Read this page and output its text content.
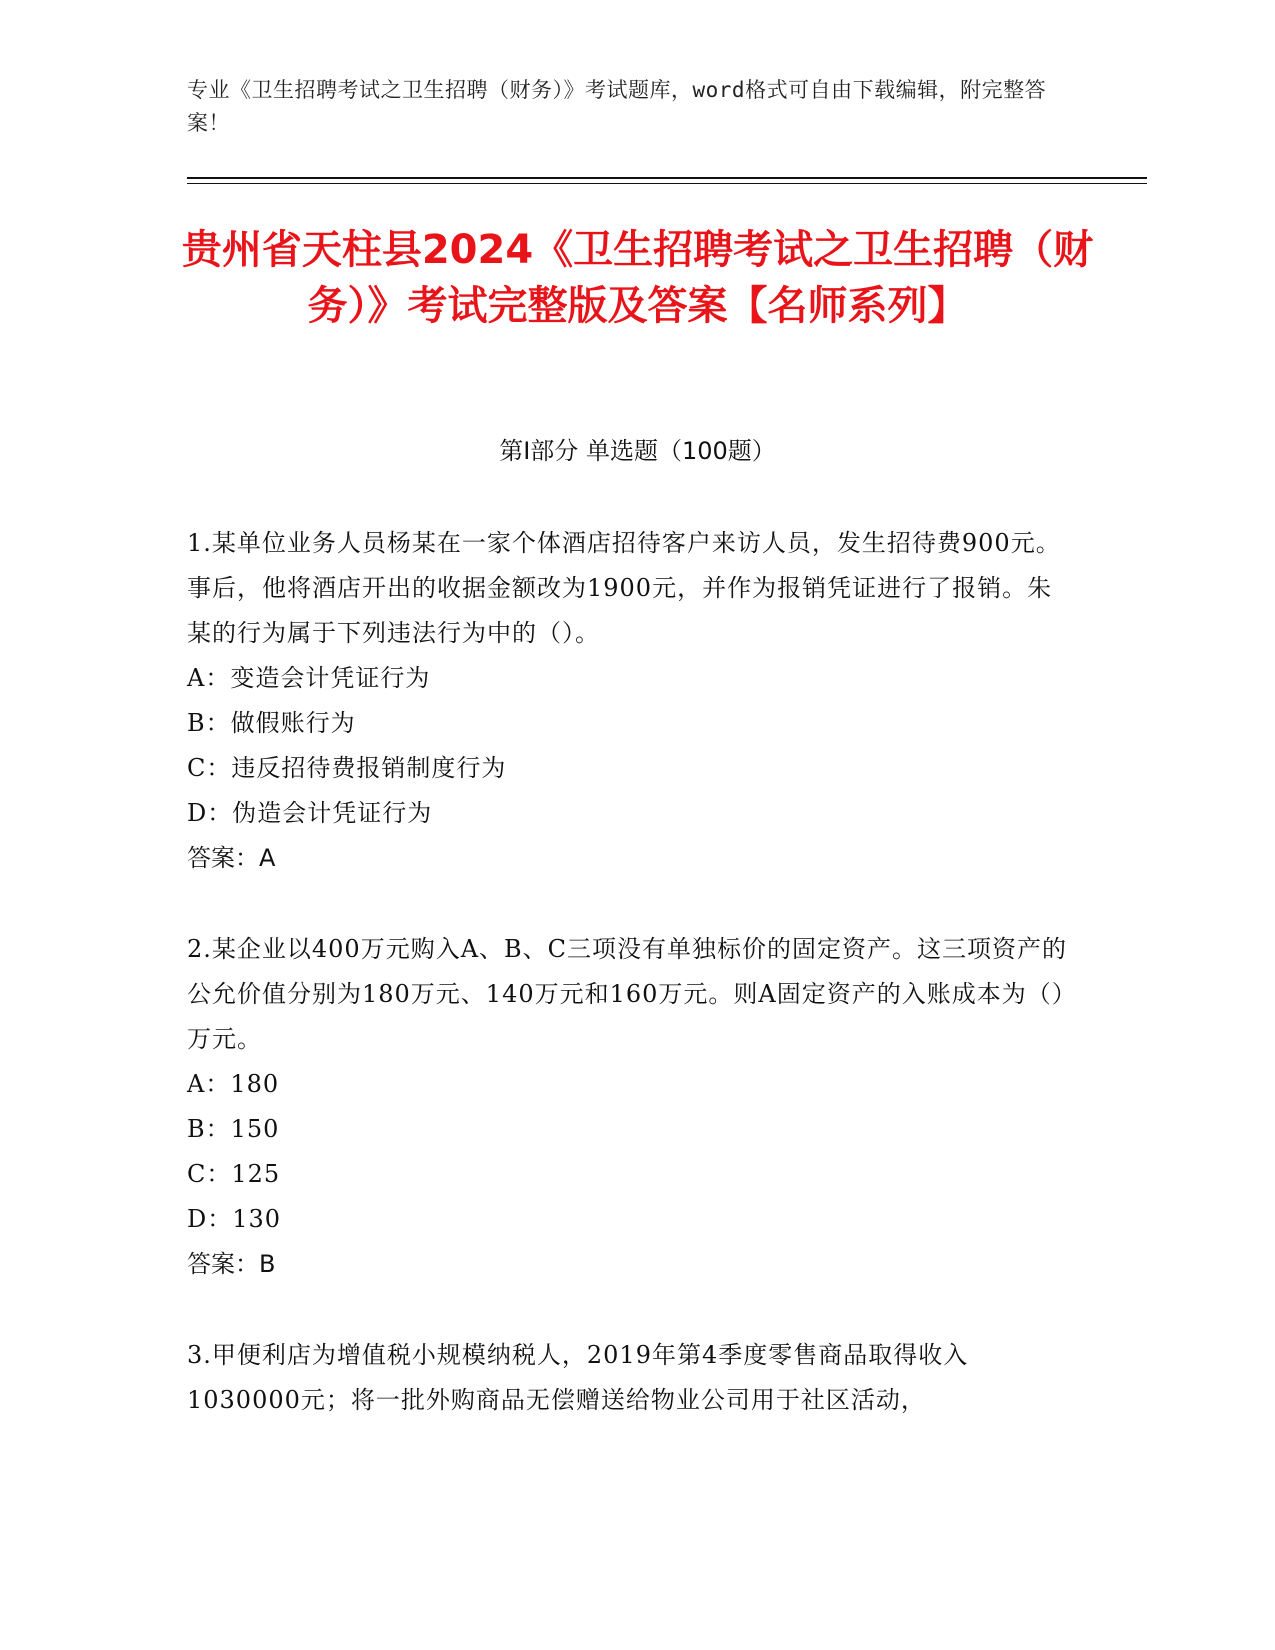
专业《卫生招聘考试之卫生招聘（财务）》考试题库，word格式可自由下载编辑，附完整答案！
贵州省天柱县2024《卫生招聘考试之卫生招聘（财务）》考试完整版及答案【名师系列】
第Ⅰ部分 单选题（100题）

1.某单位业务人员杨某在一家个体酒店招待客户来访人员，发生招待费900元。事后，他将酒店开出的收据金额改为1900元，并作为报销凭证进行了报销。朱某的行为属于下列违法行为中的（）。

A：变造会计凭证行为

B：做假账行为

C：违反招待费报销制度行为

D：伪造会计凭证行为

答案：A

2.某企业以400万元购入A、B、C三项没有单独标价的固定资产。这三项资产的公允价值分别为180万元、140万元和160万元。则A固定资产的入账成本为（）万元。

A：180

B：150

C：125

D：130

答案：B

3.甲便利店为增值税小规模纳税人，2019年第4季度零售商品取得收入1030000元；将一批外购商品无偿赠送给物业公司用于社区活动，
